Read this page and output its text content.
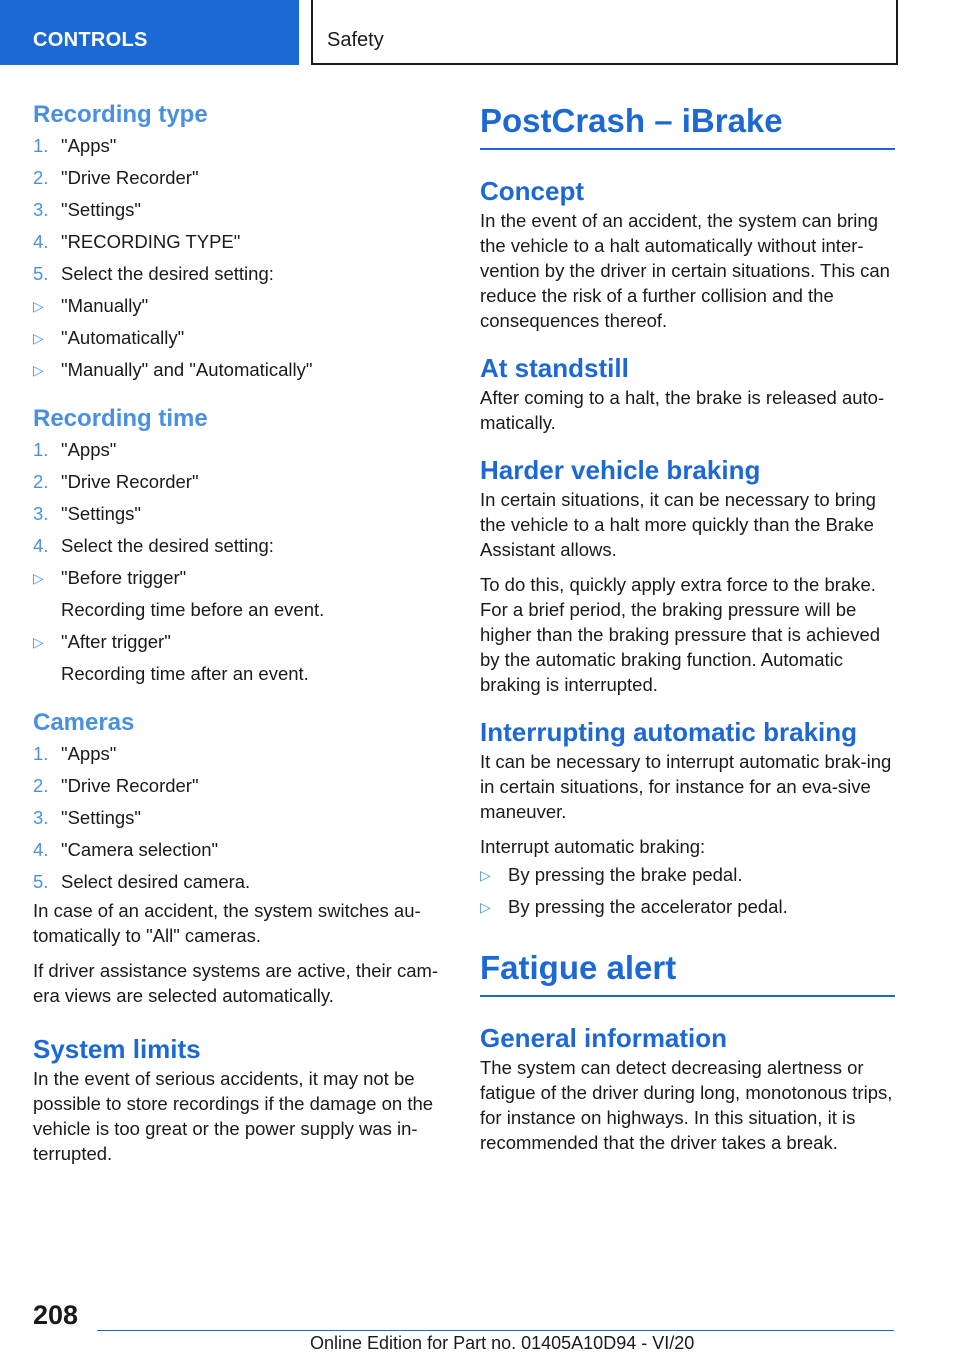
CONTROLS	Safety
Recording type
1. "Apps"
2. "Drive Recorder"
3. "Settings"
4. "RECORDING TYPE"
5. Select the desired setting:
▷ "Manually"
▷ "Automatically"
▷ "Manually" and "Automatically"
Recording time
1. "Apps"
2. "Drive Recorder"
3. "Settings"
4. Select the desired setting:
▷ "Before trigger"
Recording time before an event.
▷ "After trigger"
Recording time after an event.
Cameras
1. "Apps"
2. "Drive Recorder"
3. "Settings"
4. "Camera selection"
5. Select desired camera.

In case of an accident, the system switches au-tomatically to "All" cameras.

If driver assistance systems are active, their cam-era views are selected automatically.

System limits

In the event of serious accidents, it may not be possible to store recordings if the damage on the vehicle is too great or the power supply was in-terrupted.

PostCrash – iBrake
Concept

In the event of an accident, the system can bring the vehicle to a halt automatically without inter-vention by the driver in certain situations. This can reduce the risk of a further collision and the consequences thereof.

At standstill

After coming to a halt, the brake is released auto-matically.

Harder vehicle braking

In certain situations, it can be necessary to bring the vehicle to a halt more quickly than the Brake Assistant allows.

To do this, quickly apply extra force to the brake. For a brief period, the braking pressure will be higher than the braking pressure that is achieved by the automatic braking function. Automatic braking is interrupted.

Interrupting automatic braking

It can be necessary to interrupt automatic brak-ing in certain situations, for instance for an eva-sive maneuver.

Interrupt automatic braking:

▷ By pressing the brake pedal.
▷ By pressing the accelerator pedal.
Fatigue alert
General information

The system can detect decreasing alertness or fatigue of the driver during long, monotonous trips, for instance on highways. In this situation, it is recommended that the driver takes a break.

208
Online Edition for Part no. 01405A10D94 - VI/20
